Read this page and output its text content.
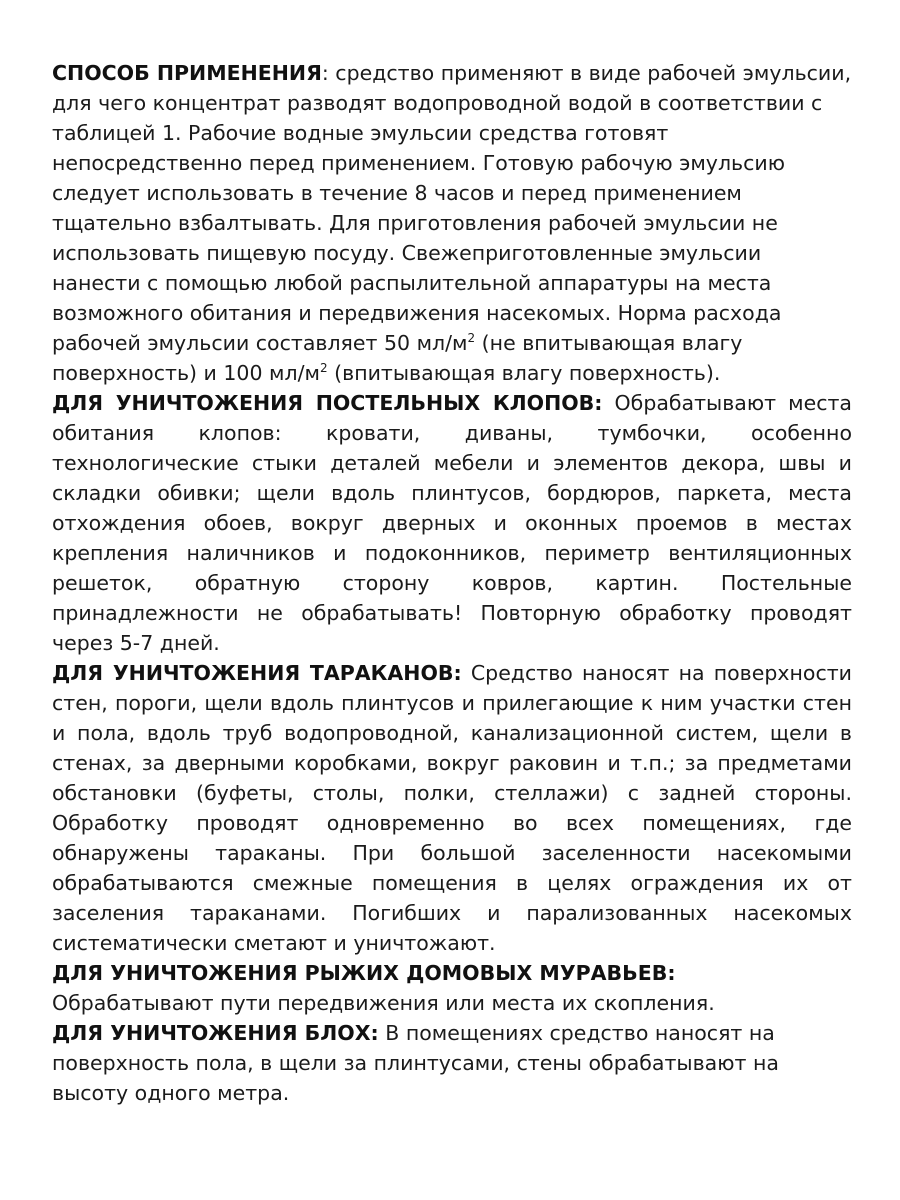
СПОСОБ ПРИМЕНЕНИЯ: средство применяют в виде рабочей эмульсии, для чего концентрат разводят водопроводной водой в соответствии с таблицей 1. Рабочие водные эмульсии средства готовят непосредственно перед применением. Готовую рабочую эмульсию следует использовать в течение 8 часов и перед применением тщательно взбалтывать. Для приготовления рабочей эмульсии не использовать пищевую посуду. Свежеприготовленные эмульсии нанести с помощью любой распылительной аппаратуры на места возможного обитания и передвижения насекомых. Норма расхода рабочей эмульсии составляет 50 $мл/м^2$ (не впитывающая влагу поверхность) и 100 $мл/м^2$ (впитывающая влагу поверхность).

ДЛЯ УНИЧТОЖЕНИЯ ПОСТЕЛЬНЫХ КЛОПОВ: Обрабатывают места обитания клопов: кровати, диваны, тумбочки, особенно технологические стыки деталей мебели и элементов декора, швы и складки обивки; щели вдоль плинтусов, бордюров, паркета, места отхождения обоев, вокруг дверных и оконных проемов в местах крепления наличников и подоконников, периметр вентиляционных решеток, обратную сторону ковров, картин. Постельные принадлежности не обрабатывать! Повторную обработку проводят через 5-7 дней.

ДЛЯ УНИЧТОЖЕНИЯ ТАРАКАНОВ: Средство наносят на поверхности стен, пороги, щели вдоль плинтусов и прилегающие к ним участки стен и пола, вдоль труб водопроводной, канализационной систем, щели в стенах, за дверными коробками, вокруг раковин и т.п.; за предметами обстановки (буфеты, столы, полки, стеллажи) с задней стороны. Обработку проводят одновременно во всех помещениях, где обнаружены тараканы. При большой заселенности насекомыми обрабатываются смежные помещения в целях ограждения их от заселения тараканами. Погибших и парализованных насекомых систематически сметают и уничтожают.

ДЛЯ УНИЧТОЖЕНИЯ РЫЖИХ ДОМОВЫХ МУРАВЬЕВ:
Обрабатывают пути передвижения или места их скопления.

ДЛЯ УНИЧТОЖЕНИЯ БЛОХ: В помещениях средство наносят на поверхность пола, в щели за плинтусами, стены обрабатывают на высоту одного метра.
